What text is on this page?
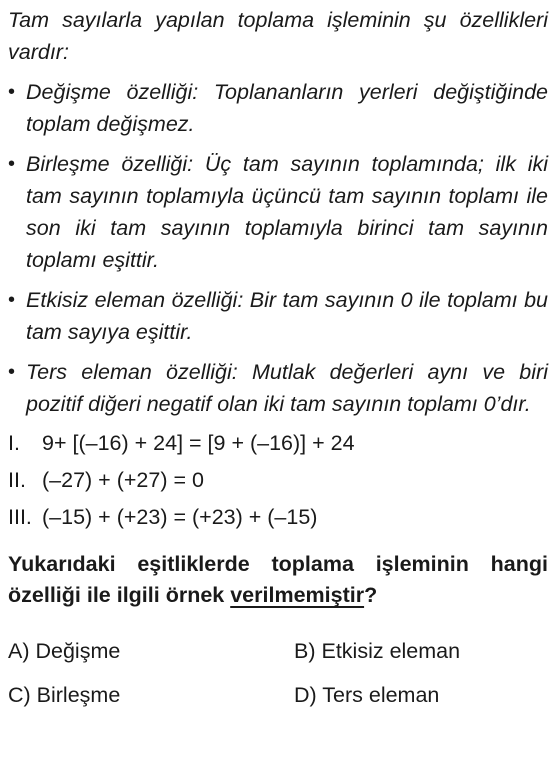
Tam sayılarla yapılan toplama işleminin şu özellikleri vardır:

• Değişme özelliği: Toplananların yerleri değiştiğinde toplam değişmez.
• Birleşme özelliği: Üç tam sayının toplamında; ilk iki tam sayının toplamıyla üçüncü tam sayının toplamı ile son iki tam sayının toplamıyla birinci tam sayının toplamı eşittir.
• Etkisiz eleman özelliği: Bir tam sayının 0 ile toplamı bu tam sayıya eşittir.
• Ters eleman özelliği: Mutlak değerleri aynı ve biri pozitif diğeri negatif olan iki tam sayının toplamı 0’dır.
I.	9+ [(–16) + 24] = [9 + (–16)] + 24
II. (–27) + (+27) = 0
III. (–15) + (+23) = (+23) + (–15)

Yukarıdaki eşitliklerde toplama işleminin hangi özelliği ile ilgili örnek verilmemiştir?

A) Değişme	B) Etkisiz eleman
C) Birleşme	D) Ters eleman
